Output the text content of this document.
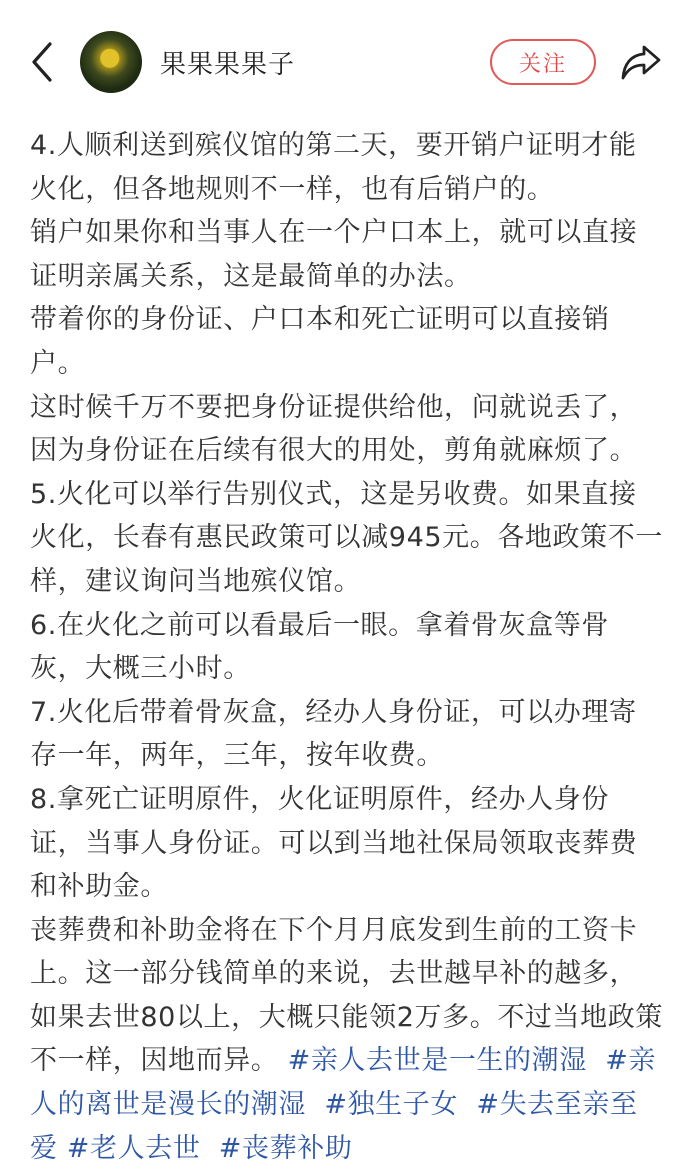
果果果果子	关注

4.人顺利送到殡仪馆的第二天，要开销户证明才能火化，但各地规则不一样，也有后销户的。

销户如果你和当事人在一个户口本上，就可以直接证明亲属关系，这是最简单的办法。

带着你的身份证、户口本和死亡证明可以直接销户。

这时候千万不要把身份证提供给他，问就说丢了，因为身份证在后续有很大的用处，剪角就麻烦了。

5.火化可以举行告别仪式，这是另收费。如果直接火化，长春有惠民政策可以减945元。各地政策不一样，建议询问当地殡仪馆。

6.在火化之前可以看最后一眼。拿着骨灰盒等骨灰，大概三小时。

7.火化后带着骨灰盒，经办人身份证，可以办理寄存一年，两年，三年，按年收费。

8.拿死亡证明原件，火化证明原件，经办人身份证，当事人身份证。可以到当地社保局领取丧葬费和补助金。

丧葬费和补助金将在下个月月底发到生前的工资卡上。这一部分钱简单的来说，去世越早补的越多，如果去世80以上，大概只能领2万多。不过当地政策不一样，因地而异。 #亲人去世是一生的潮湿 #亲人的离世是漫长的潮湿 #独生子女 #失去至亲至爱 #老人去世 #丧葬补助
